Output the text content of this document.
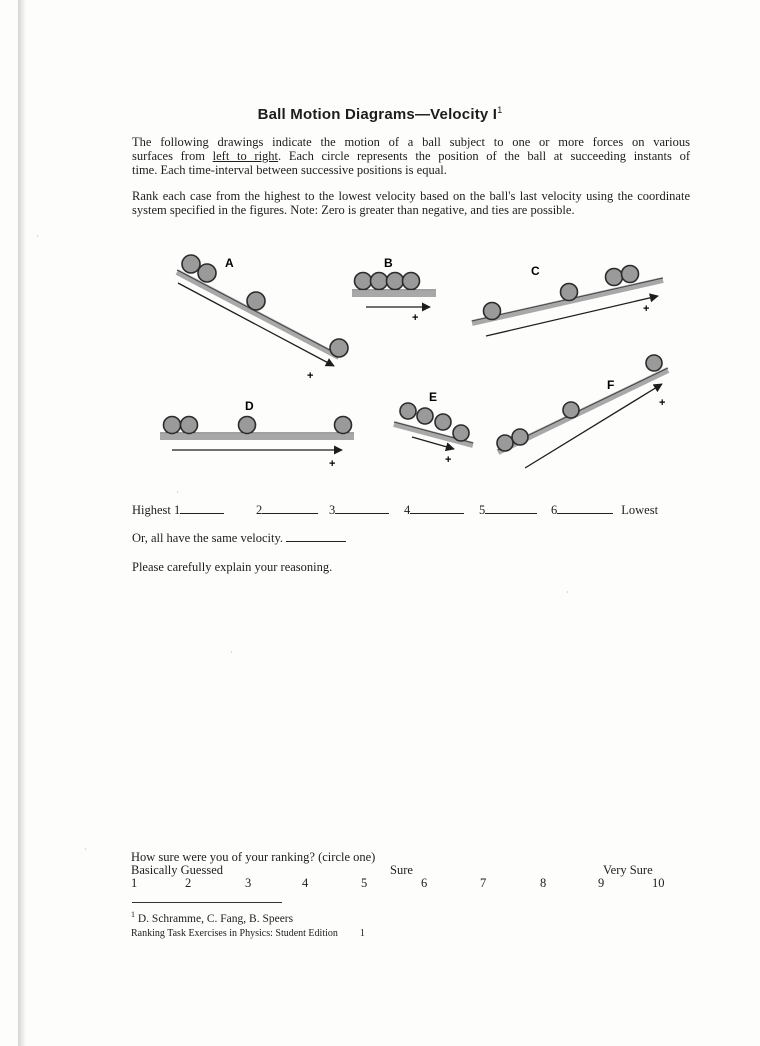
Ball Motion Diagrams—Velocity $I^1$
The following drawings indicate the motion of a ball subject to one or more forces on various
surfaces from left to right. Each circle represents the position of the ball at succeeding instants of
time. Each time-interval between successive positions is equal.
Rank each case from the highest to the lowest velocity based on the ball's last velocity using the coordinate system specified in the figures. Note: Zero is greater than negative, and ties are possible.
A	B
C
D
E
F
+
+
+
+	+
+
Highest 1	2	3	4	5	6	Lowest
Or, all have the same velocity.
Please carefully explain your reasoning.
How sure were you of your ranking? (circle one)
Basically Guessed	Sure	Very Sure
1	2	3	4	5	6	7	8	9	10
$^1$ D. Schramme, C. Fang, B. Speers
Ranking Task Exercises in Physics: Student Edition 1
·
·
·
·
·
